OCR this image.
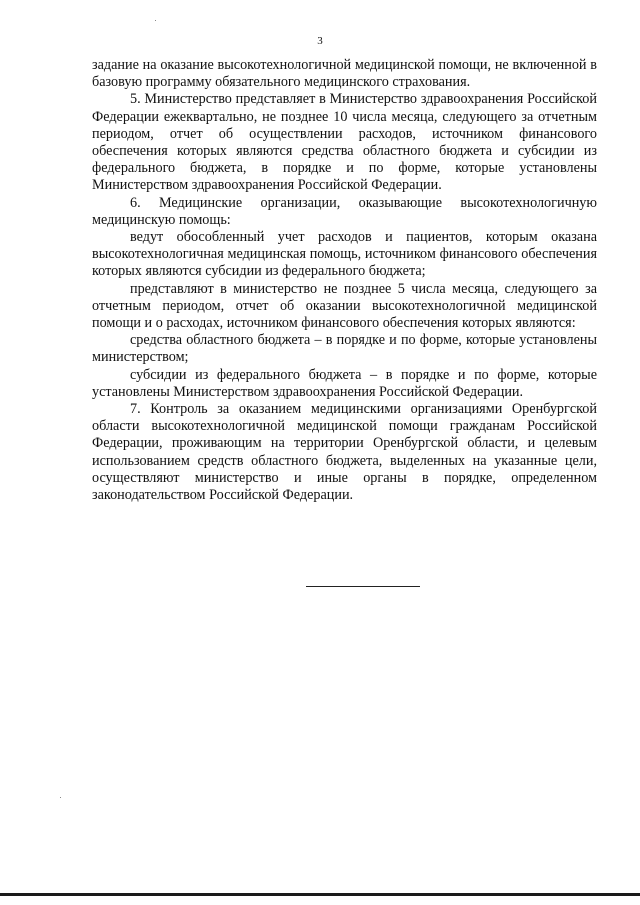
3

задание на оказание высокотехнологичной медицинской помощи, не включенной в базовую программу обязательного медицинского страхования.

5. Министерство представляет в Министерство здравоохранения Российской Федерации ежеквартально, не позднее 10 числа месяца, следующего за отчетным периодом, отчет об осуществлении расходов, источником финансового обеспечения которых являются средства областного бюджета и субсидии из федерального бюджета, в порядке и по форме, которые установлены Министерством здравоохранения Российской Федерации.

6. Медицинские организации, оказывающие высокотехнологичную медицинскую помощь:

ведут обособленный учет расходов и пациентов, которым оказана высокотехнологичная медицинская помощь, источником финансового обеспечения которых являются субсидии из федерального бюджета;

представляют в министерство не позднее 5 числа месяца, следующего за отчетным периодом, отчет об оказании высокотехнологичной медицинской помощи и о расходах, источником финансового обеспечения которых являются:

средства областного бюджета – в порядке и по форме, которые установлены министерством;

субсидии из федерального бюджета – в порядке и по форме, которые установлены Министерством здравоохранения Российской Федерации.

7. Контроль за оказанием медицинскими организациями Оренбургской области высокотехнологичной медицинской помощи гражданам Российской Федерации, проживающим на территории Оренбургской области, и целевым использованием средств областного бюджета, выделенных на указанные цели, осуществляют министерство и иные органы в порядке, определенном законодательством Российской Федерации.
